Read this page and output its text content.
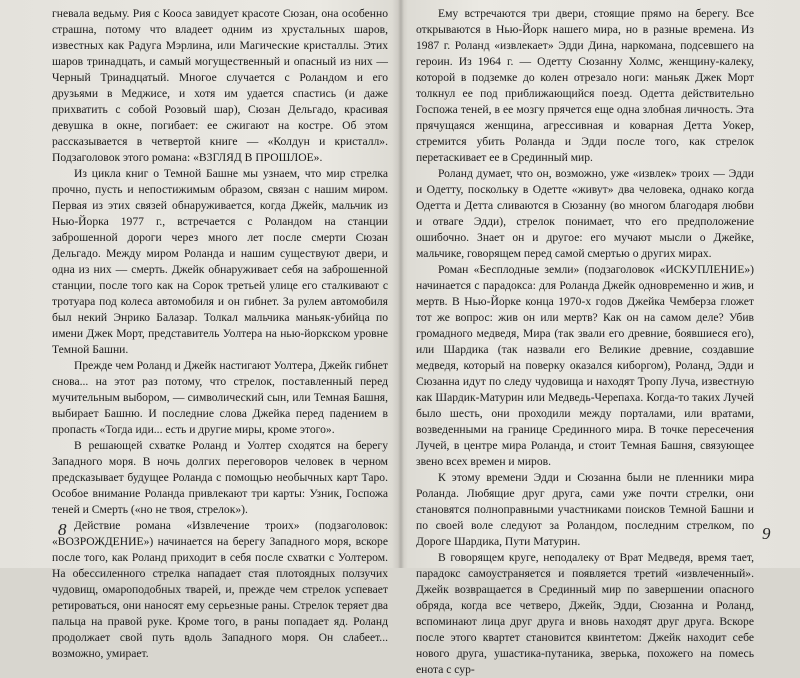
гневала ведьму. Рия с Кооса завидует красоте Сюзан, она особенно страшна, потому что владеет одним из хрустальных шаров, известных как Радуга Мэрлина, или Магические кристаллы. Этих шаров тринадцать, и самый могущественный и опасный из них — Черный Тринадцатый. Многое случается с Роландом и его друзьями в Меджисе, и хотя им удается спастись (и даже прихватить с собой Розовый шар), Сюзан Дельгадо, красивая девушка в окне, погибает: ее сжигают на костре. Об этом рассказывается в четвертой книге — «Колдун и кристалл». Подзаголовок этого романа: «ВЗГЛЯД В ПРОШЛОЕ».

Из цикла книг о Темной Башне мы узнаем, что мир стрелка прочно, пусть и непостижимым образом, связан с нашим миром. Первая из этих связей обнаруживается, когда Джейк, мальчик из Нью-Йорка 1977 г., встречается с Роландом на станции заброшенной дороги через много лет после смерти Сюзан Дельгадо. Между миром Роланда и нашим существуют двери, и одна из них — смерть. Джейк обнаруживает себя на заброшенной станции, после того как на Сорок третьей улице его сталкивают с тротуара под колеса автомобиля и он гибнет. За рулем автомобиля был некий Энрико Балазар. Толкал мальчика маньяк-убийца по имени Джек Морт, представитель Уолтера на нью-йоркском уровне Темной Башни.

Прежде чем Роланд и Джейк настигают Уолтера, Джейк гибнет снова... на этот раз потому, что стрелок, поставленный перед мучительным выбором, — символический сын, или Темная Башня, выбирает Башню. И последние слова Джейка перед падением в пропасть «Тогда иди... есть и другие миры, кроме этого».

В решающей схватке Роланд и Уолтер сходятся на берегу Западного моря. В ночь долгих переговоров человек в черном предсказывает будущее Роланда с помощью необычных карт Таро. Особое внимание Роланда привлекают три карты: Узник, Госпожа теней и Смерть («но не твоя, стрелок»).

Действие романа «Извлечение троих» (подзаголовок: «ВОЗРОЖДЕНИЕ») начинается на берегу Западного моря, вскоре после того, как Роланд приходит в себя после схватки с Уолтером. На обессиленного стрелка нападает стая плотоядных ползучих чудовищ, омароподобных тварей, и, прежде чем стрелок успевает ретироваться, они наносят ему серьезные раны. Стрелок теряет два пальца на правой руке. Кроме того, в раны попадает яд. Роланд продолжает свой путь вдоль Западного моря. Он слабеет... возможно, умирает.

8

Ему встречаются три двери, стоящие прямо на берегу. Все открываются в Нью-Йорк нашего мира, но в разные времена. Из 1987 г. Роланд «извлекает» Эдди Дина, наркомана, подсевшего на героин. Из 1964 г. — Одетту Сюзанну Холмс, женщину-калеку, которой в подземке до колен отрезало ноги: маньяк Джек Морт толкнул ее под приближающийся поезд. Одетта действительно Госпожа теней, в ее мозгу прячется еще одна злобная личность. Эта прячущаяся женщина, агрессивная и коварная Детта Уокер, стремится убить Роланда и Эдди после того, как стрелок перетаскивает ее в Срединный мир.

Роланд думает, что он, возможно, уже «извлек» троих — Эдди и Одетту, поскольку в Одетте «живут» два человека, однако когда Одетта и Детта сливаются в Сюзанну (во многом благодаря любви и отваге Эдди), стрелок понимает, что его предположение ошибочно. Знает он и другое: его мучают мысли о Джейке, мальчике, говорящем перед самой смертью о других мирах.

Роман «Бесплодные земли» (подзаголовок «ИСКУПЛЕНИЕ») начинается с парадокса: для Роланда Джейк одновременно и жив, и мертв. В Нью-Йорке конца 1970-х годов Джейка Чемберза гложет тот же вопрос: жив он или мертв? Как он на самом деле? Убив громадного медведя, Мира (так звали его древние, боявшиеся его), или Шардика (так назвали его Великие древние, создавшие медведя, который на поверку оказался киборгом), Роланд, Эдди и Сюзанна идут по следу чудовища и находят Тропу Луча, известную как Шардик-Матурин или Медведь-Черепаха. Когда-то таких Лучей было шесть, они проходили между порталами, или вратами, возведенными на границе Срединного мира. В точке пересечения Лучей, в центре мира Роланда, и стоит Темная Башня, связующее звено всех времен и миров.

К этому времени Эдди и Сюзанна были не пленники мира Роланда. Любящие друг друга, сами уже почти стрелки, они становятся полноправными участниками поисков Темной Башни и по своей воле следуют за Роландом, последним стрелком, по Дороге Шардика, Пути Матурин.

В говорящем круге, неподалеку от Врат Медведя, время тает, парадокс самоустраняется и появляется третий «извлеченный». Джейк возвращается в Срединный мир по завершении опасного обряда, когда все четверо, Джейк, Эдди, Сюзанна и Роланд, вспоминают лица друг друга и вновь находят друг друга. Вскоре после этого квартет становится квинтетом: Джейк находит себе нового друга, ушастика-путаника, зверька, похожего на помесь енота с сур-

9
